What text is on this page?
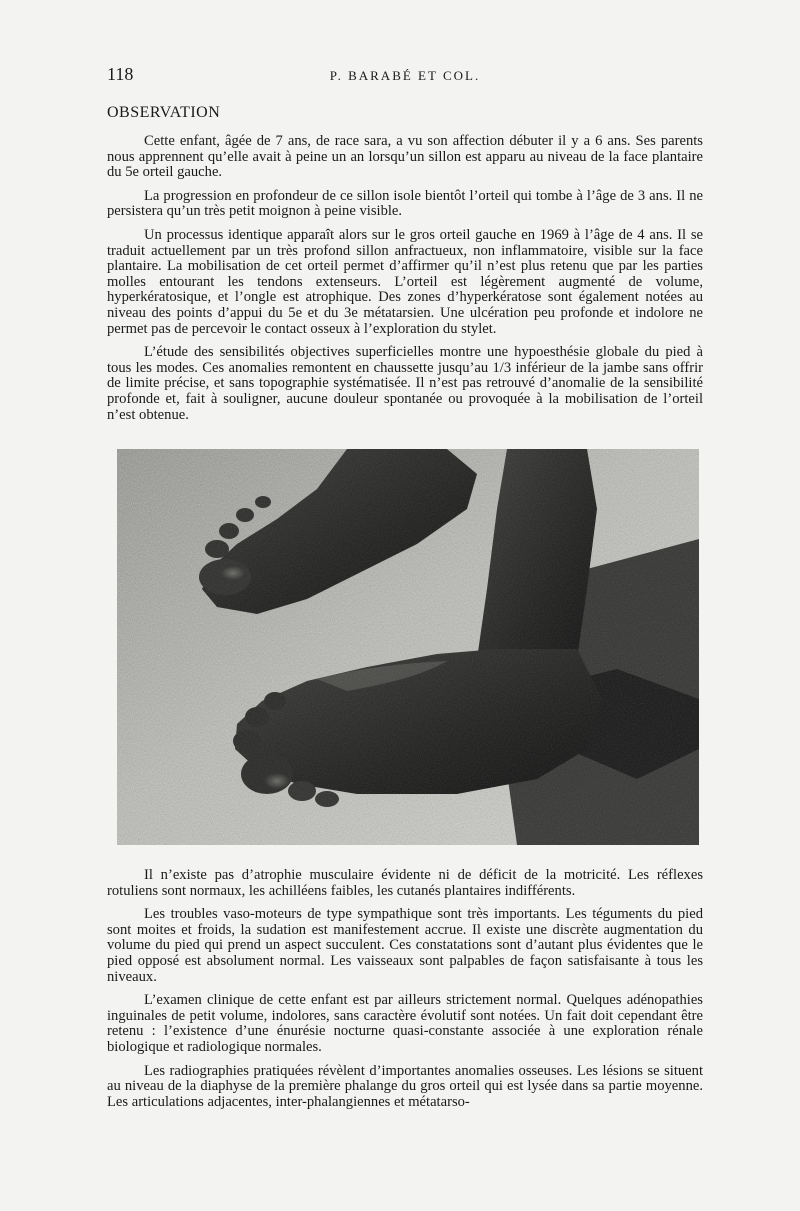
118	P. BARABÉ ET COL.
OBSERVATION

Cette enfant, âgée de 7 ans, de race sara, a vu son affection débuter il y a 6 ans. Ses parents nous apprennent qu’elle avait à peine un an lorsqu’un sillon est apparu au niveau de la face plantaire du 5e orteil gauche.

La progression en profondeur de ce sillon isole bientôt l’orteil qui tombe à l’âge de 3 ans. Il ne persistera qu’un très petit moignon à peine visible.

Un processus identique apparaît alors sur le gros orteil gauche en 1969 à l’âge de 4 ans. Il se traduit actuellement par un très profond sillon anfractueux, non inflammatoire, visible sur la face plantaire. La mobilisation de cet orteil permet d’affirmer qu’il n’est plus retenu que par les parties molles entourant les tendons extenseurs. L’orteil est légèrement augmenté de volume, hyperkératosique, et l’ongle est atrophique. Des zones d’hyperkératose sont également notées au niveau des points d’appui du 5e et du 3e métatarsien. Une ulcération peu profonde et indolore ne permet pas de percevoir le contact osseux à l’exploration du stylet.

L’étude des sensibilités objectives superficielles montre une hypoesthésie globale du pied à tous les modes. Ces anomalies remontent en chaussette jusqu’au 1/3 inférieur de la jambe sans offrir de limite précise, et sans topographie systématisée. Il n’est pas retrouvé d’anomalie de la sensibilité profonde et, fait à souligner, aucune douleur spontanée ou provoquée à la mobilisation de l’orteil n’est obtenue.

Il n’existe pas d’atrophie musculaire évidente ni de déficit de la motricité. Les réflexes rotuliens sont normaux, les achilléens faibles, les cutanés plantaires indifférents.

Les troubles vaso-moteurs de type sympathique sont très importants. Les téguments du pied sont moites et froids, la sudation est manifestement accrue. Il existe une discrète augmentation du volume du pied qui prend un aspect succulent. Ces constatations sont d’autant plus évidentes que le pied opposé est absolument normal. Les vaisseaux sont palpables de façon satisfaisante à tous les niveaux.

L’examen clinique de cette enfant est par ailleurs strictement normal. Quelques adénopathies inguinales de petit volume, indolores, sans caractère évolutif sont notées. Un fait doit cependant être retenu : l’existence d’une énurésie nocturne quasi-constante associée à une exploration rénale biologique et radiologique normales.

Les radiographies pratiquées révèlent d’importantes anomalies osseuses. Les lésions se situent au niveau de la diaphyse de la première phalange du gros orteil qui est lysée dans sa partie moyenne. Les articulations adjacentes, inter-phalangiennes et métatarso-
